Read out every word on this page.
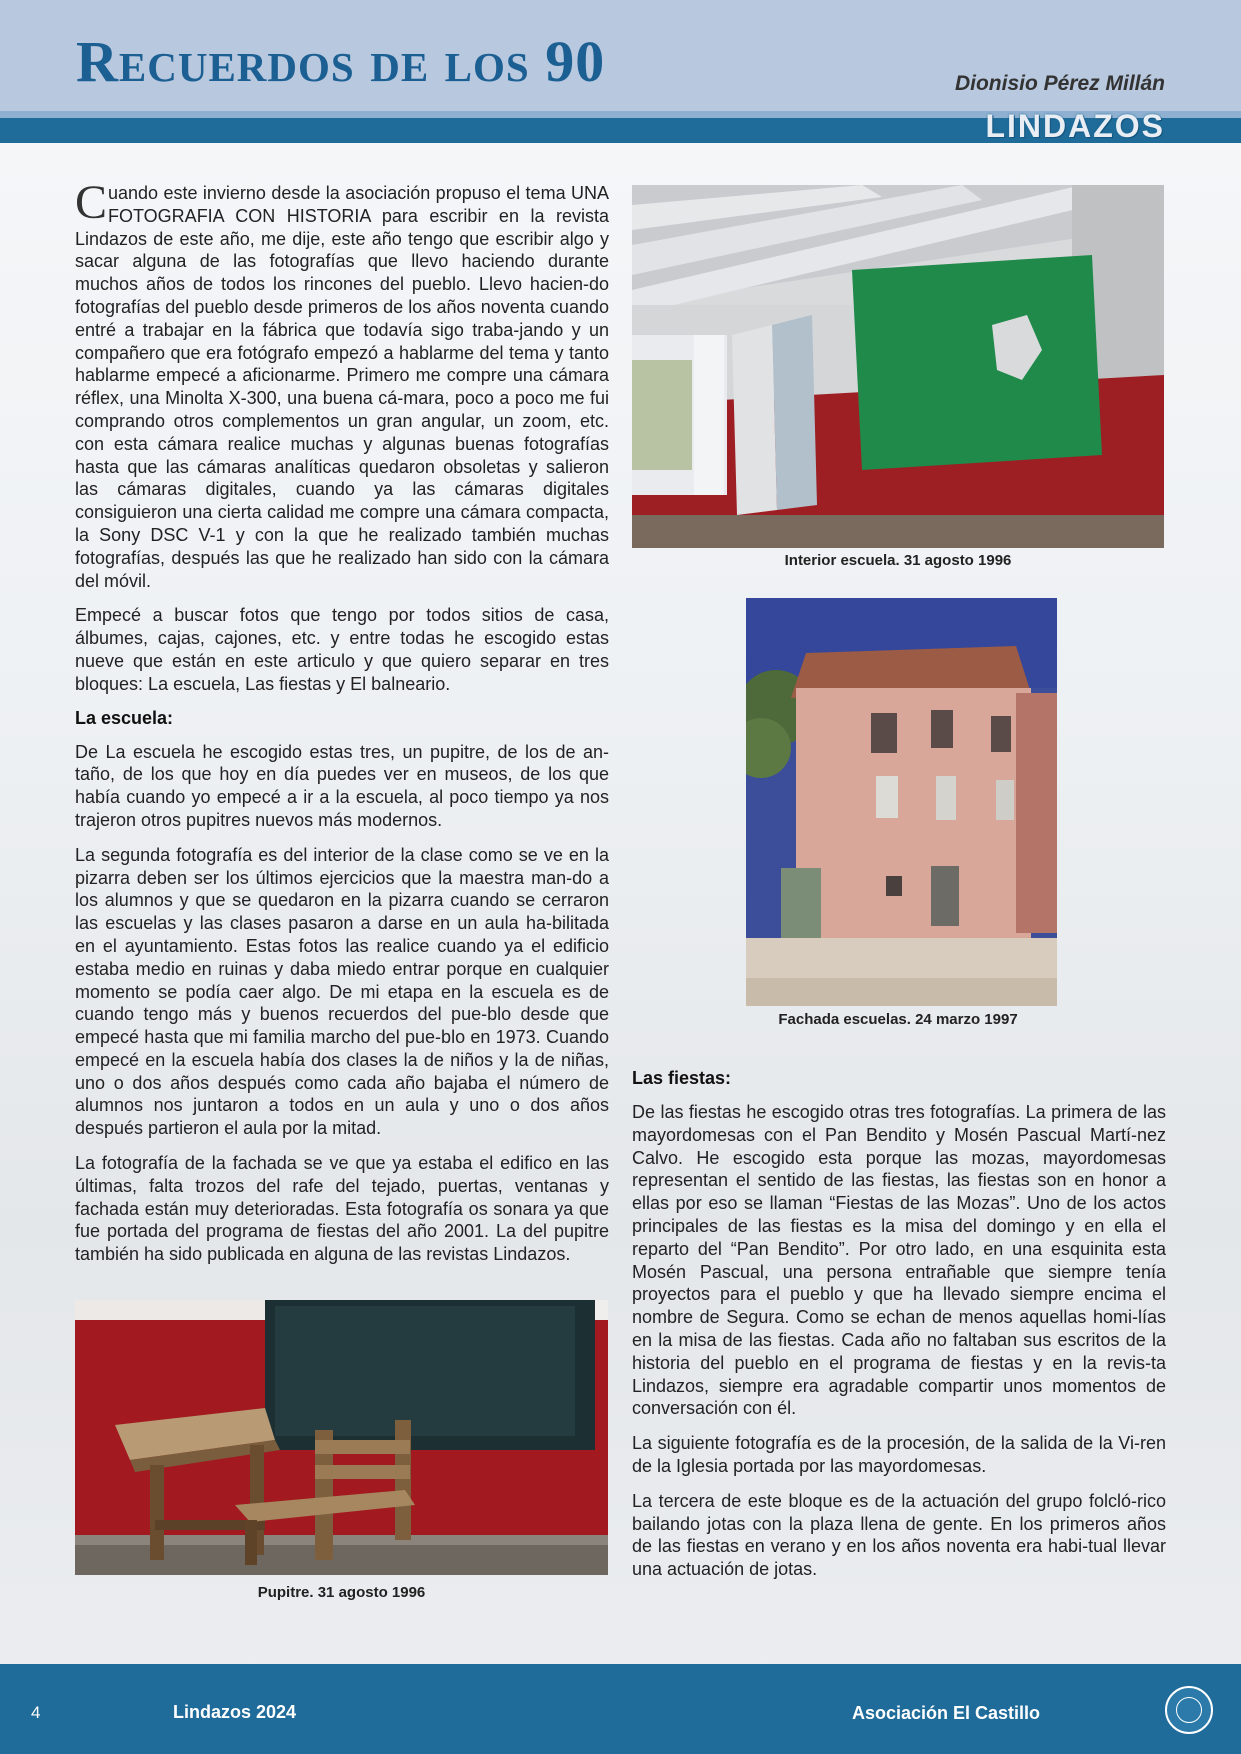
Recuerdos de los 90	Dionisio Pérez Millán
LINDAZOS

Cuando este invierno desde la asociación propuso el tema UNA FOTOGRAFIA CON HISTORIA para escribir en la revista Lindazos de este año, me dije, este año tengo que escribir algo y sacar alguna de las fotografías que llevo haciendo durante muchos años de todos los rincones del pueblo. Llevo hacien-do fotografías del pueblo desde primeros de los años noventa cuando entré a trabajar en la fábrica que todavía sigo traba-jando y un compañero que era fotógrafo empezó a hablarme del tema y tanto hablarme empecé a aficionarme. Primero me compre una cámara réflex, una Minolta X-300, una buena cá-mara, poco a poco me fui comprando otros complementos un gran angular, un zoom, etc. con esta cámara realice muchas y algunas buenas fotografías hasta que las cámaras analíticas quedaron obsoletas y salieron las cámaras digitales, cuando ya las cámaras digitales consiguieron una cierta calidad me compre una cámara compacta, la Sony DSC V-1 y con la que he realizado también muchas fotografías, después las que he realizado han sido con la cámara del móvil.

Empecé a buscar fotos que tengo por todos sitios de casa, álbumes, cajas, cajones, etc. y entre todas he escogido estas nueve que están en este articulo y que quiero separar en tres bloques: La escuela, Las fiestas y El balneario.

La escuela:

De La escuela he escogido estas tres, un pupitre, de los de an-taño, de los que hoy en día puedes ver en museos, de los que había cuando yo empecé a ir a la escuela, al poco tiempo ya nos trajeron otros pupitres nuevos más modernos.

La segunda fotografía es del interior de la clase como se ve en la pizarra deben ser los últimos ejercicios que la maestra man-do a los alumnos y que se quedaron en la pizarra cuando se cerraron las escuelas y las clases pasaron a darse en un aula ha-bilitada en el ayuntamiento. Estas fotos las realice cuando ya el edificio estaba medio en ruinas y daba miedo entrar porque en cualquier momento se podía caer algo. De mi etapa en la escuela es de cuando tengo más y buenos recuerdos del pue-blo desde que empecé hasta que mi familia marcho del pue-blo en 1973. Cuando empecé en la escuela había dos clases la de niños y la de niñas, uno o dos años después como cada año bajaba el número de alumnos nos juntaron a todos en un aula y uno o dos años después partieron el aula por la mitad.

La fotografía de la fachada se ve que ya estaba el edifico en las últimas, falta trozos del rafe del tejado, puertas, ventanas y fachada están muy deterioradas. Esta fotografía os sonara ya que fue portada del programa de fiestas del año 2001. La del pupitre también ha sido publicada en alguna de las revistas Lindazos.

Pupitre. 31 agosto 1996
Interior escuela. 31 agosto 1996
Fachada escuelas. 24 marzo 1997
Las fiestas:

De las fiestas he escogido otras tres fotografías. La primera de las mayordomesas con el Pan Bendito y Mosén Pascual Martí-nez Calvo. He escogido esta porque las mozas, mayordomesas representan el sentido de las fiestas, las fiestas son en honor a ellas por eso se llaman “Fiestas de las Mozas”. Uno de los actos principales de las fiestas es la misa del domingo y en ella el reparto del “Pan Bendito”. Por otro lado, en una esquinita esta Mosén Pascual, una persona entrañable que siempre tenía proyectos para el pueblo y que ha llevado siempre encima el nombre de Segura. Como se echan de menos aquellas homi-lías en la misa de las fiestas. Cada año no faltaban sus escritos de la historia del pueblo en el programa de fiestas y en la revis-ta Lindazos, siempre era agradable compartir unos momentos de conversación con él.

La siguiente fotografía es de la procesión, de la salida de la Vi-ren de la Iglesia portada por las mayordomesas.

La tercera de este bloque es de la actuación del grupo folcló-rico bailando jotas con la plaza llena de gente. En los primeros años de las fiestas en verano y en los años noventa era habi-tual llevar una actuación de jotas.

4	Lindazos 2024	Asociación El Castillo
